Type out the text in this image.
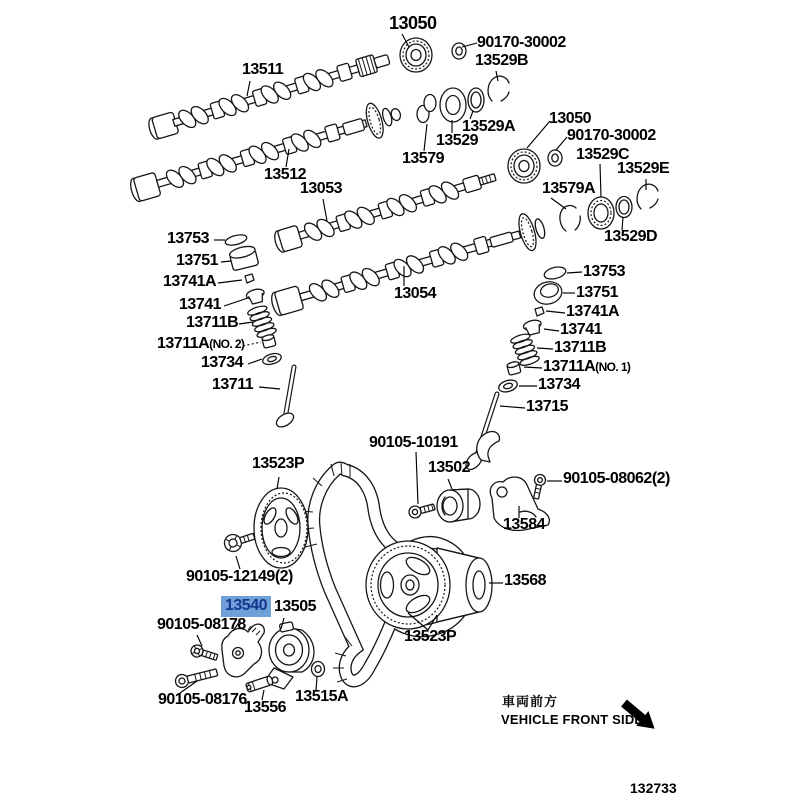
13050
90170-30002
13529B
13511
13529A
13529
13579
13050
90170-30002
13529C
13529E
13579A
13529D
13512
13053
13054
13753
13751
13741A
13741
13711B
13711A(NO. 2)
13734
13711
13753
13751
13741A
13741
13711B
13711A(NO. 1)
13734
13715
90105-10191
13502
90105-08062(2)
13584
13568
13523P
90105-12149(2)
13540 13505
90105-08178
90105-08176
13556
13515A
13523P
車両前方
VEHICLE FRONT SIDE
132733
